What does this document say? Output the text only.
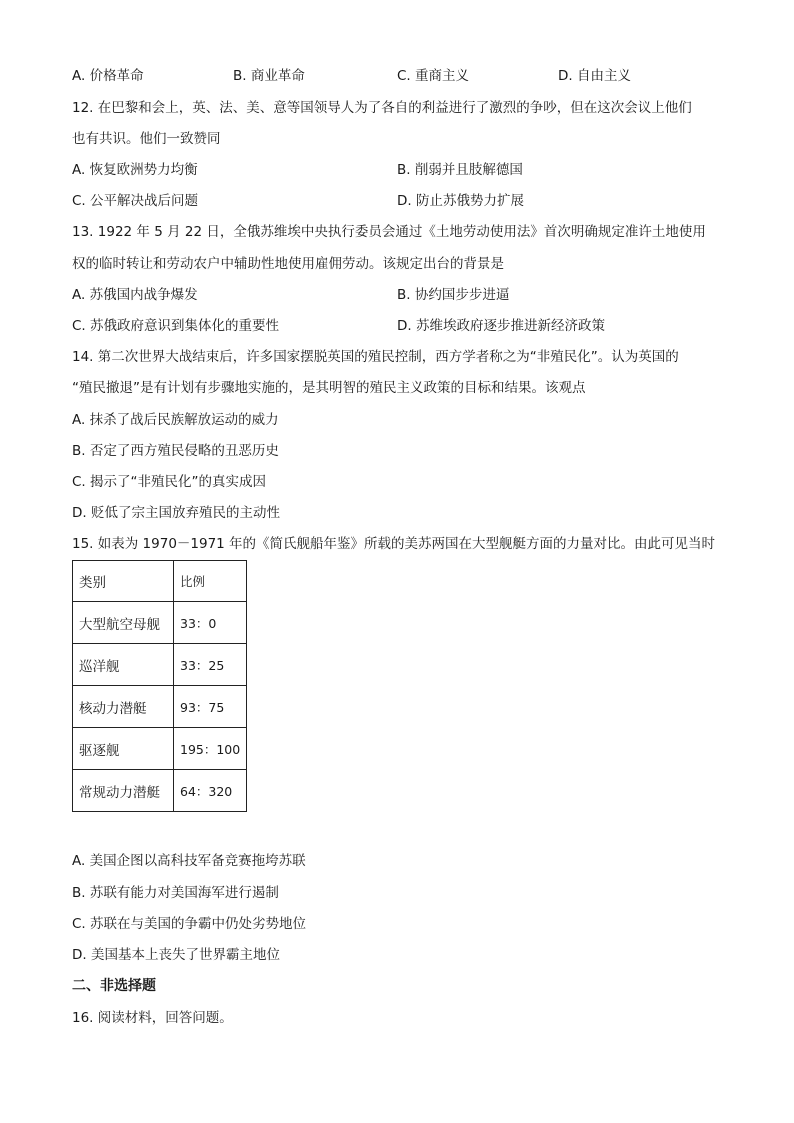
A. 价格革命	B. 商业革命	C. 重商主义	D. 自由主义
12. 在巴黎和会上，英、法、美、意等国领导人为了各自的利益进行了激烈的争吵，但在这次会议上他们
也有共识。他们一致赞同
A. 恢复欧洲势力均衡	B. 削弱并且肢解德国
C. 公平解决战后问题	D. 防止苏俄势力扩展
13. 1922 年 5 月 22 日，全俄苏维埃中央执行委员会通过《土地劳动使用法》首次明确规定准许土地使用
权的临时转让和劳动农户中辅助性地使用雇佣劳动。该规定出台的背景是
A. 苏俄国内战争爆发	B. 协约国步步进逼
C. 苏俄政府意识到集体化的重要性	D. 苏维埃政府逐步推进新经济政策
14. 第二次世界大战结束后，许多国家摆脱英国的殖民控制，西方学者称之为“非殖民化”。认为英国的
“殖民撤退”是有计划有步骤地实施的，是其明智的殖民主义政策的目标和结果。该观点
A. 抹杀了战后民族解放运动的威力
B. 否定了西方殖民侵略的丑恶历史
C. 揭示了“非殖民化”的真实成因
D. 贬低了宗主国放弃殖民的主动性
15. 如表为 1970－1971 年的《简氏舰船年鉴》所载的美苏两国在大型舰艇方面的力量对比。由此可见当时
类别	比例
大型航空母舰	33：0
巡洋舰	33：25
核动力潜艇	93：75
驱逐舰	195：100
常规动力潜艇	64：320
A. 美国企图以高科技军备竞赛拖垮苏联
B. 苏联有能力对美国海军进行遏制
C. 苏联在与美国的争霸中仍处劣势地位
D. 美国基本上丧失了世界霸主地位
二、非选择题
16. 阅读材料，回答问题。
